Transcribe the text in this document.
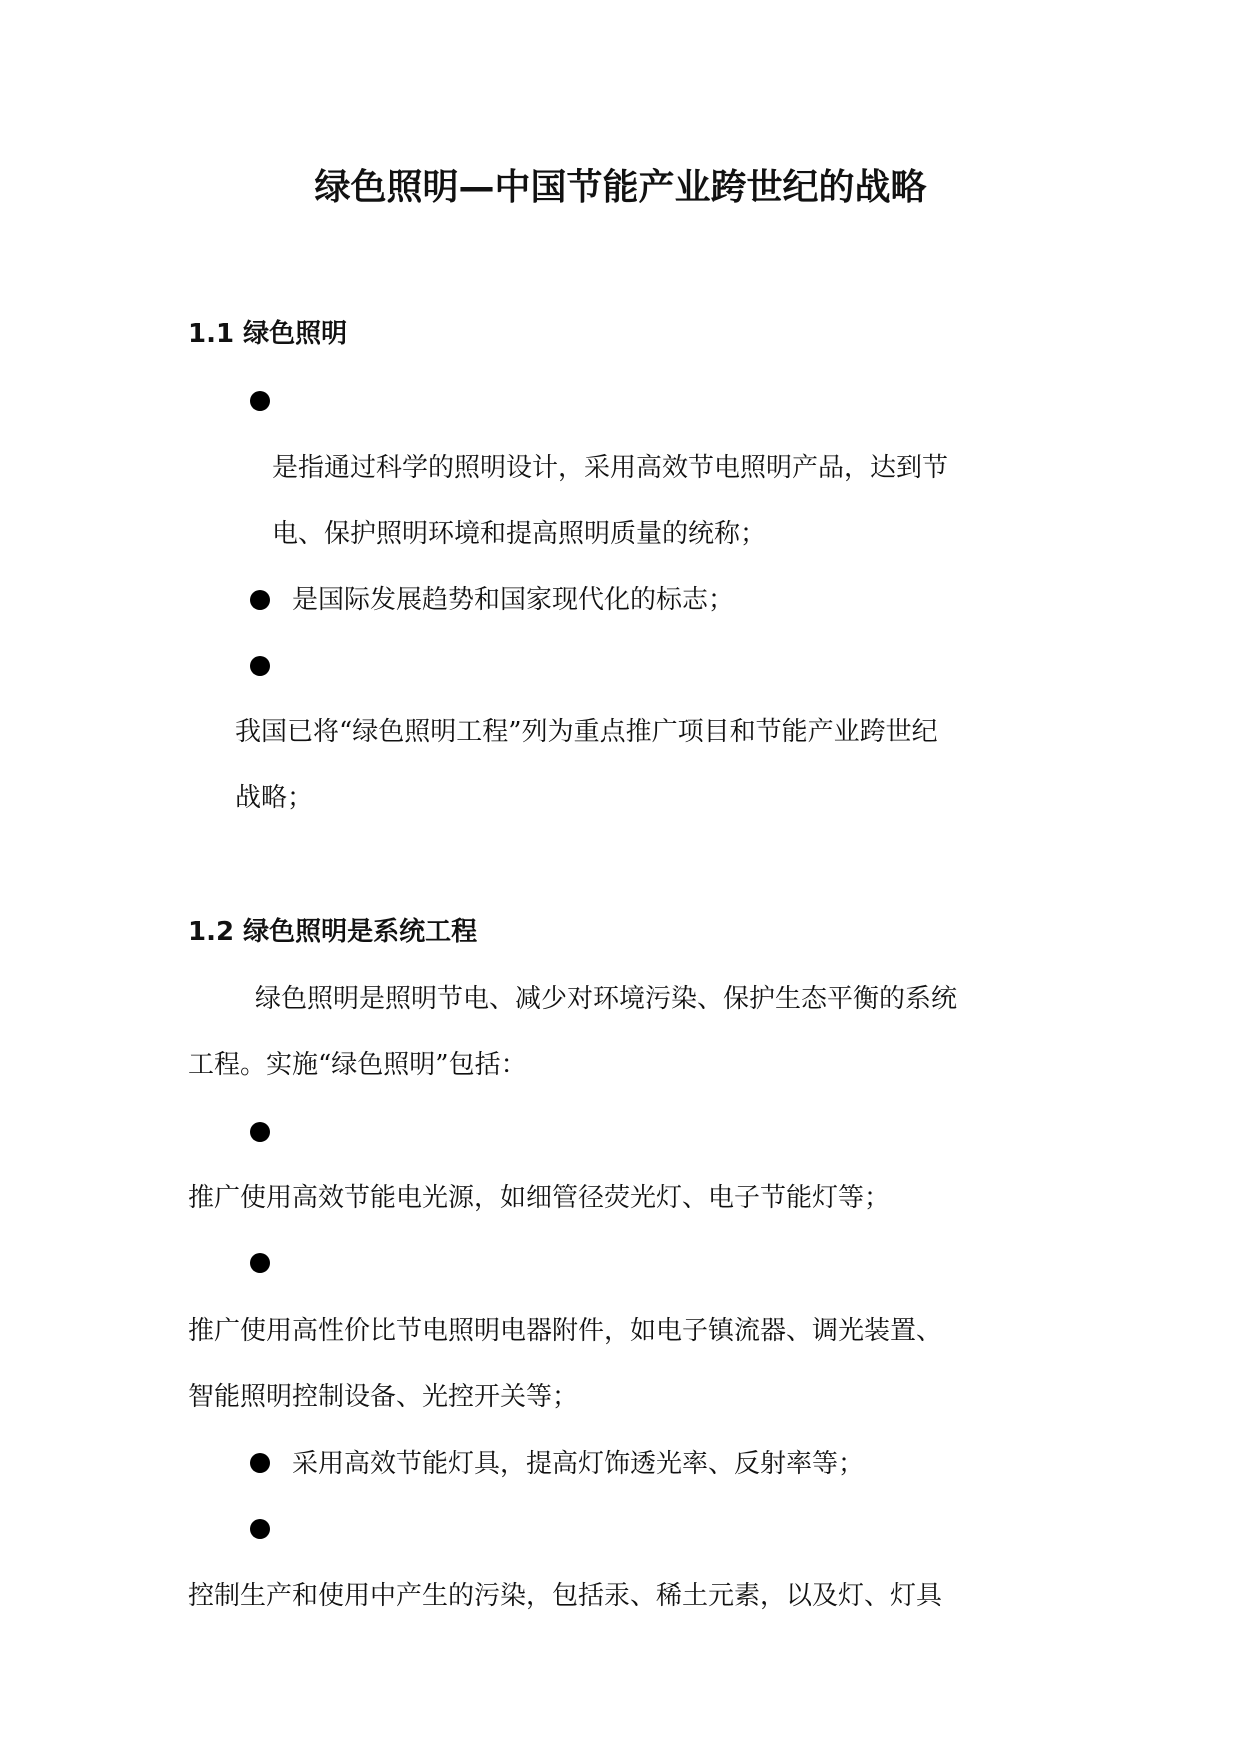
绿色照明—中国节能产业跨世纪的战略
1.1 绿色照明
是指通过科学的照明设计，采用高效节电照明产品，达到节
电、保护照明环境和提高照明质量的统称；
是国际发展趋势和国家现代化的标志；
我国已将“绿色照明工程”列为重点推广项目和节能产业跨世纪
战略；
1.2 绿色照明是系统工程
绿色照明是照明节电、减少对环境污染、保护生态平衡的系统
工程。实施“绿色照明”包括：
推广使用高效节能电光源，如细管径荧光灯、电子节能灯等；
推广使用高性价比节电照明电器附件，如电子镇流器、调光装置、
智能照明控制设备、光控开关等；
采用高效节能灯具，提高灯饰透光率、反射率等；
控制生产和使用中产生的污染，包括汞、稀土元素，以及灯、灯具
